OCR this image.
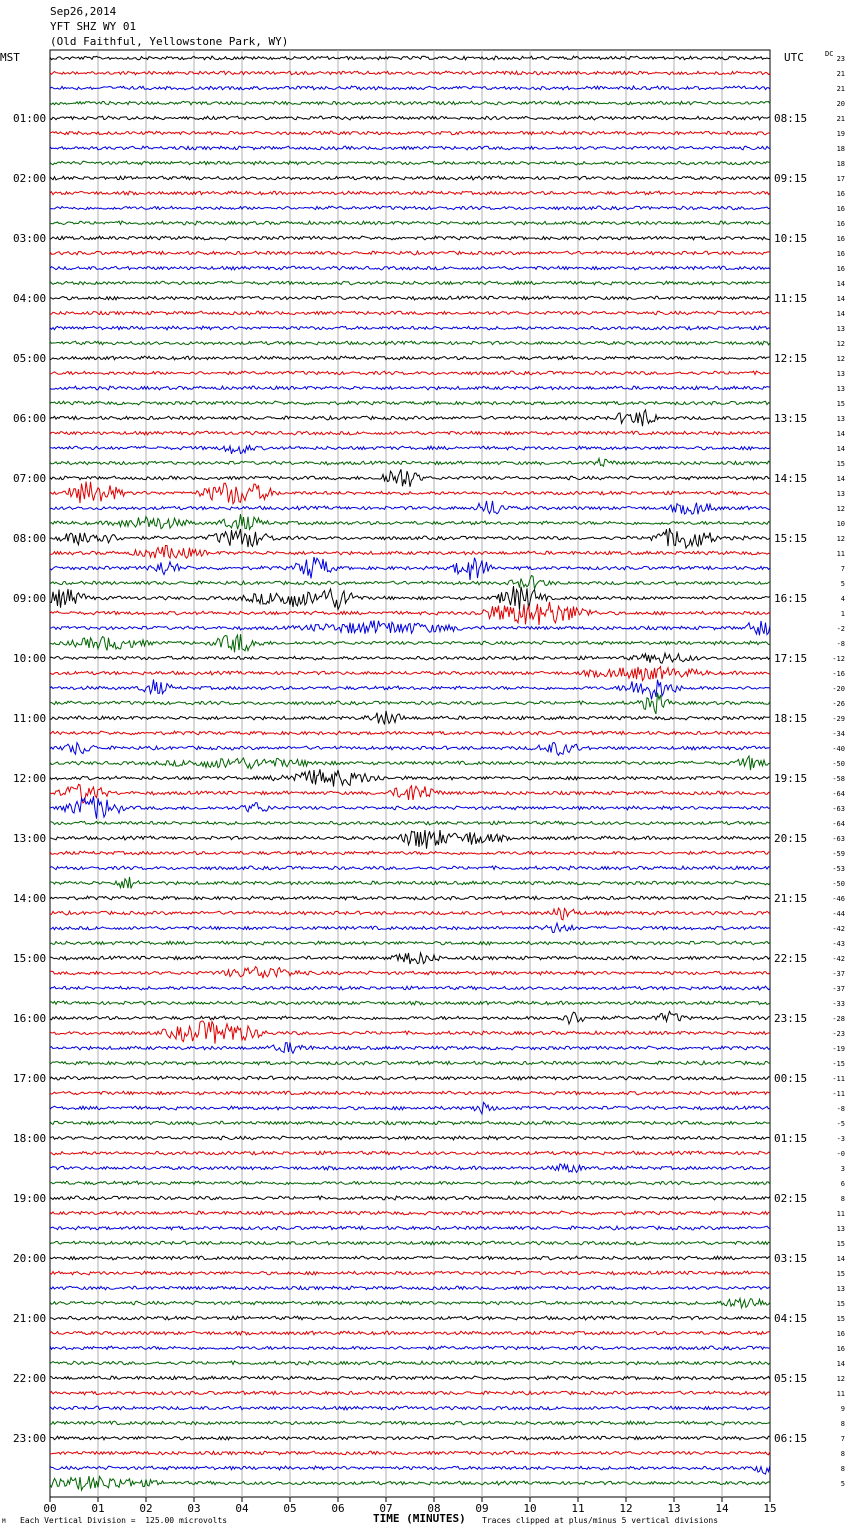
Sep26,2014
YFT SHZ WY 01
(Old Faithful, Yellowstone Park, WY)
MST	UTC	DC
01:00
02:00
03:00
04:00
05:00
06:00
07:00
08:00
09:00
10:00
11:00
12:00
13:00
14:00
15:00
16:00
17:00
18:00
19:00
20:00
21:00
22:00
23:00
08:15
09:15
10:15
11:15
12:15
13:15
14:15
15:15
16:15
17:15
18:15
19:15
20:15
21:15
22:15
23:15
00:15
01:15
02:15
03:15
04:15
05:15
06:15
23
21
21
20
21
19
18
18
17
16
16
16
16
16
16
14
14
14
13
12
12
13
13
15
13
14
14
15
14
13
12
10
12
11
7
5
4
1
-2
-8
-12
-16
-20
-26
-29
-34
-40
-50
-58
-64
-63
-64
-63
-59
-53
-50
-46
-44
-42
-43
-42
-37
-37
-33
-28
-23
-19
-15
-11
-11
-8
-5
-3
-0
3
6
8
11
13
15
14
15
13
15
15
16
16
14
12
11
9
8
7
8
8
5
00	01	02	03	04	05	06	07	08	09	10	11	12	13	14	15
Each Vertical Division =  125.00 microvolts	TIME (MINUTES) Traces clipped at plus/minus 5 vertical divisions
M
